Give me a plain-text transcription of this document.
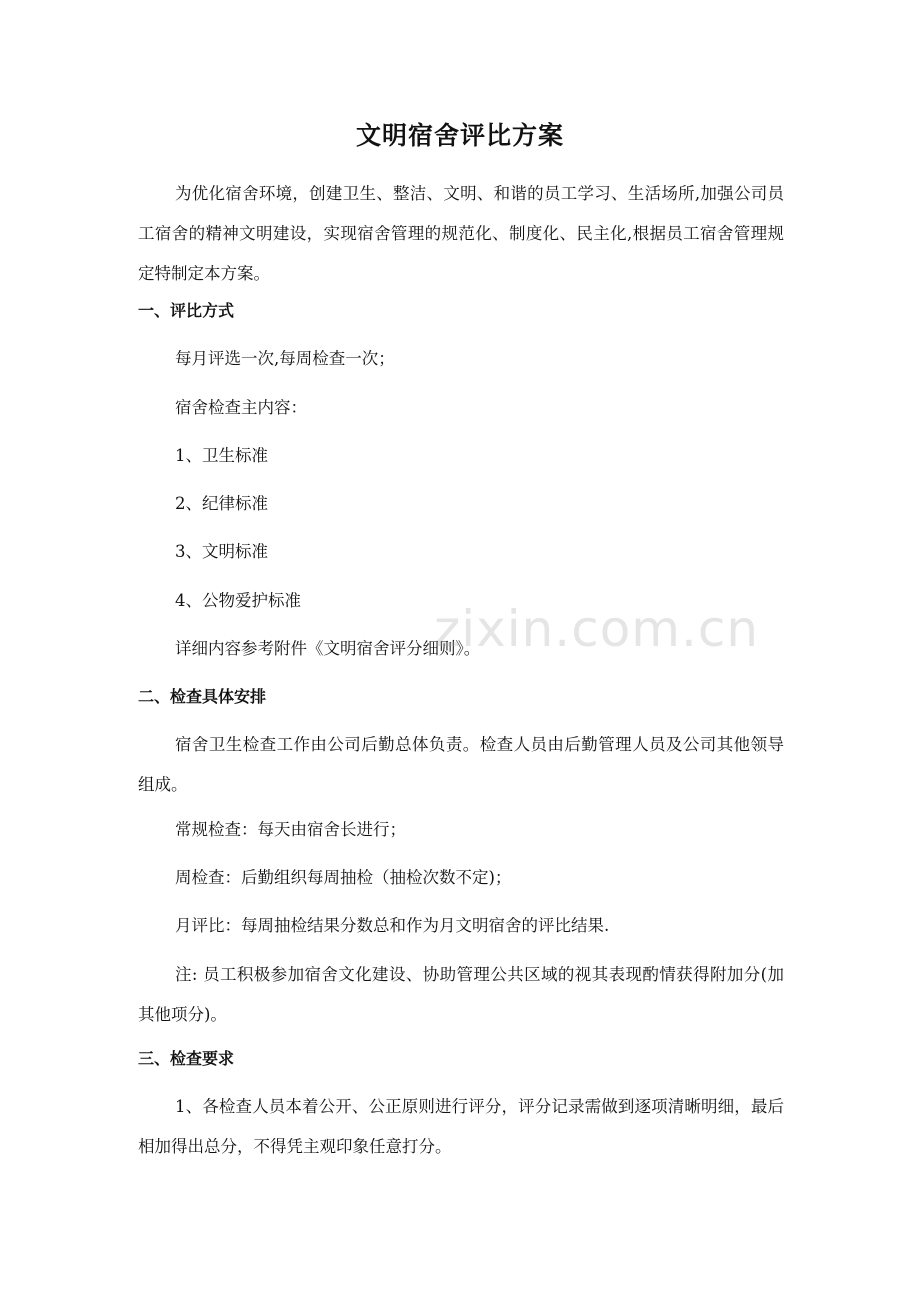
文明宿舍评比方案

为优化宿舍环境，创建卫生、整洁、文明、和谐的员工学习、生活场所,加强公司员工宿舍的精神文明建设，实现宿舍管理的规范化、制度化、民主化,根据员工宿舍管理规定特制定本方案。

一、评比方式
每月评选一次,每周检查一次；
宿舍检查主内容：
1、卫生标准
2、纪律标准
3、文明标准
4、公物爱护标准
详细内容参考附件《文明宿舍评分细则》。
二、检查具体安排

宿舍卫生检查工作由公司后勤总体负责。检查人员由后勤管理人员及公司其他领导组成。

常规检查：每天由宿舍长进行；
周检查：后勤组织每周抽检（抽检次数不定)；
月评比：每周抽检结果分数总和作为月文明宿舍的评比结果.

注: 员工积极参加宿舍文化建设、协助管理公共区域的视其表现酌情获得附加分(加其他项分)。

三、检查要求

1、各检查人员本着公开、公正原则进行评分，评分记录需做到逐项清晰明细，最后相加得出总分，不得凭主观印象任意打分。

zixin.com.cn
